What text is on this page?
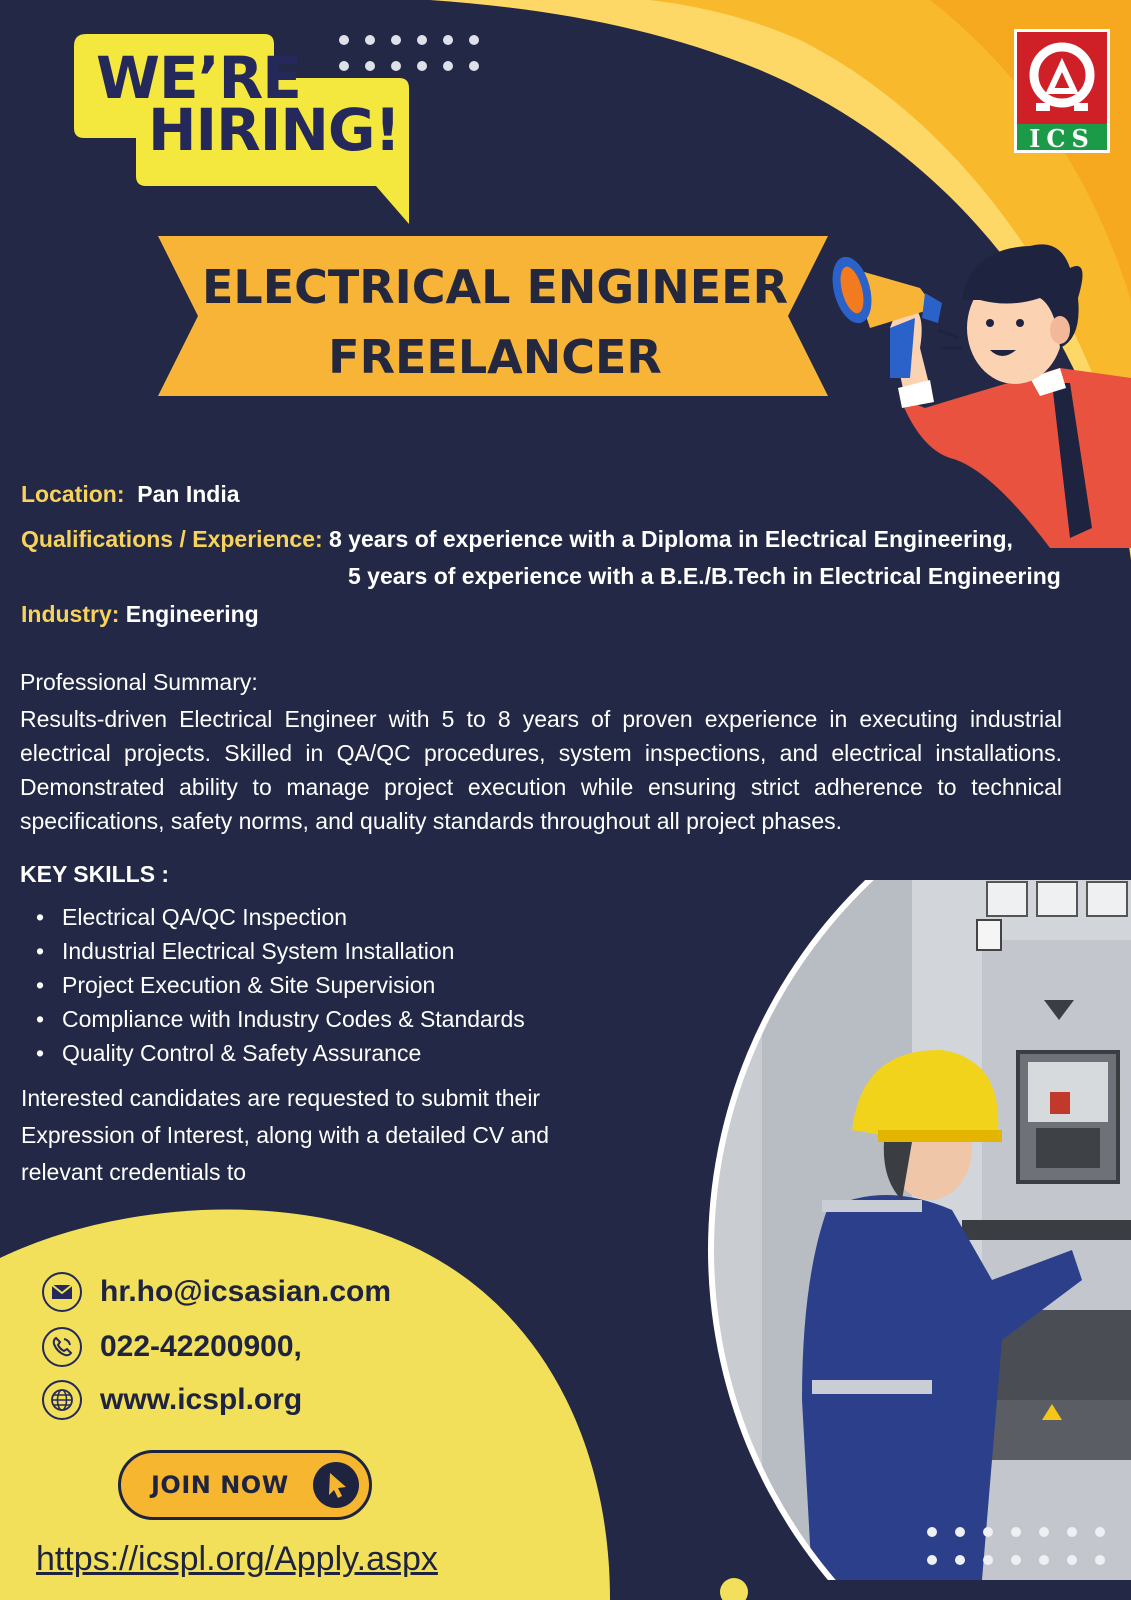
WE’RE
HIRING!	ICS
ELECTRICAL ENGINEER
FREELANCER
Location: Pan India
Qualifications / Experience: 8 years of experience with a Diploma in Electrical Engineering,
5 years of experience with a B.E./B.Tech in Electrical Engineering
Industry: Engineering
Professional Summary:
Results-driven Electrical Engineer with 5 to 8 years of proven experience in executing industrial electrical projects. Skilled in QA/QC procedures, system inspections, and electrical installations. Demonstrated ability to manage project execution while ensuring strict adherence to technical specifications, safety norms, and quality standards throughout all project phases.
KEY SKILLS :
• Electrical QA/QC Inspection
• Industrial Electrical System Installation
• Project Execution & Site Supervision
• Compliance with Industry Codes & Standards
• Quality Control & Safety Assurance
Interested candidates are requested to submit their
Expression of Interest, along with a detailed CV and
relevant credentials to
hr.ho@icsasian.com
022-42200900,
www.icspl.org
JOIN NOW
https://icspl.org/Apply.aspx
